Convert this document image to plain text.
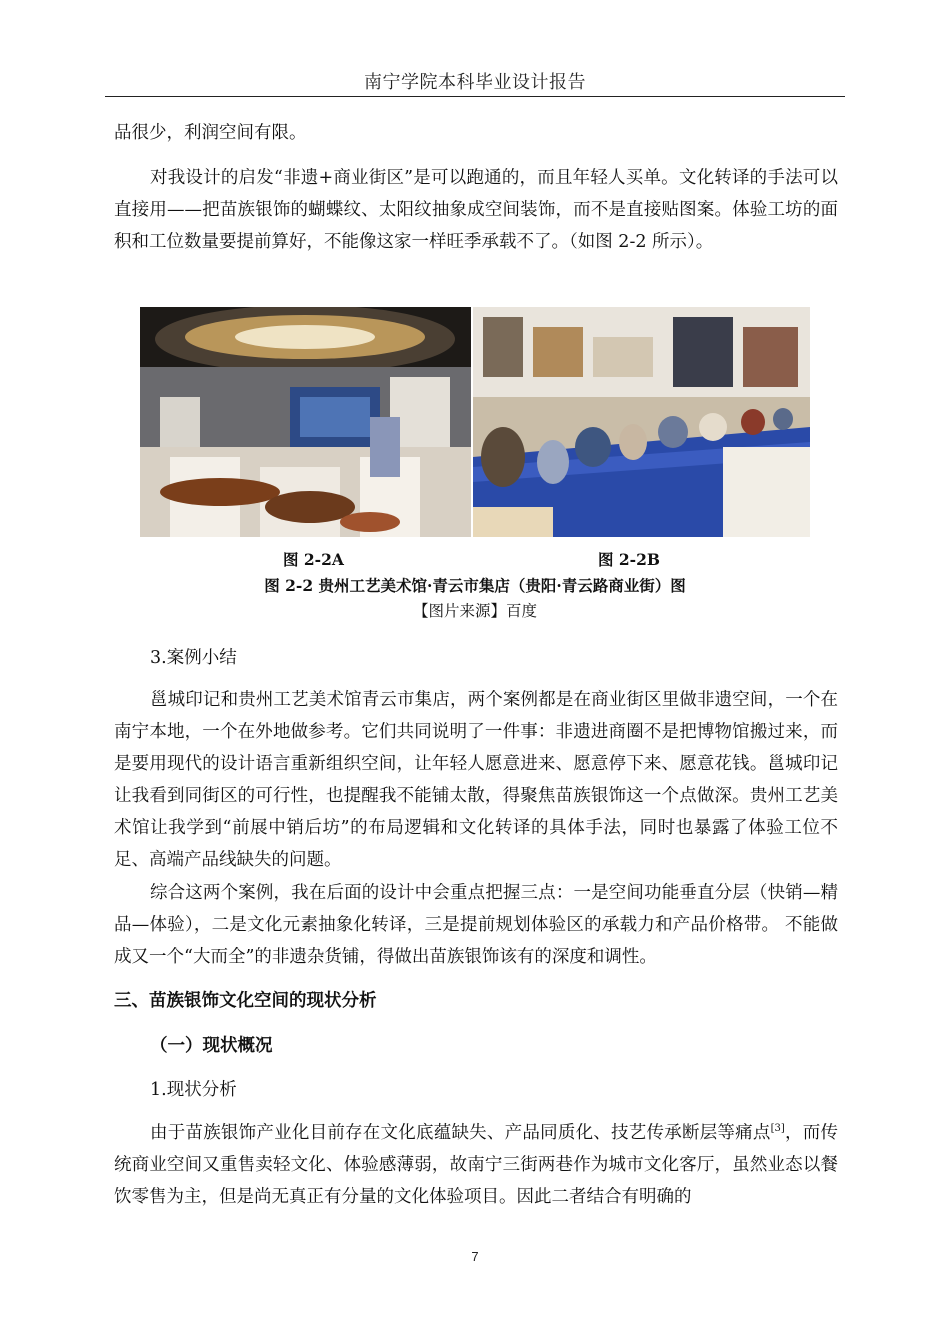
南宁学院本科毕业设计报告

品很少，利润空间有限。

对我设计的启发“非遗+商业街区”是可以跑通的，而且年轻人买单。文化转译的手法可以直接用——把苗族银饰的蝴蝶纹、太阳纹抽象成空间装饰，而不是直接贴图案。体验工坊的面积和工位数量要提前算好，不能像这家一样旺季承载不了。（如图 2-2 所示）。

图 2-2A	图 2-2B
图 2-2 贵州工艺美术馆·青云市集店（贵阳·青云路商业街）图
【图片来源】百度
3.案例小结

邕城印记和贵州工艺美术馆青云市集店，两个案例都是在商业街区里做非遗空间，一个在南宁本地，一个在外地做参考。它们共同说明了一件事：非遗进商圈不是把博物馆搬过来，而是要用现代的设计语言重新组织空间，让年轻人愿意进来、愿意停下来、愿意花钱。邕城印记让我看到同街区的可行性，也提醒我不能铺太散，得聚焦苗族银饰这一个点做深。贵州工艺美术馆让我学到“前展中销后坊”的布局逻辑和文化转译的具体手法，同时也暴露了体验工位不足、高端产品线缺失的问题。

综合这两个案例，我在后面的设计中会重点把握三点：一是空间功能垂直分层（快销—精品—体验），二是文化元素抽象化转译，三是提前规划体验区的承载力和产品价格带。 不能做成又一个“大而全”的非遗杂货铺，得做出苗族银饰该有的深度和调性。

三、苗族银饰文化空间的现状分析
（一）现状概况
1.现状分析

由于苗族银饰产业化目前存在文化底蕴缺失、产品同质化、技艺传承断层等痛点[3]，而传统商业空间又重售卖轻文化、体验感薄弱，故南宁三街两巷作为城市文化客厅，虽然业态以餐饮零售为主，但是尚无真正有分量的文化体验项目。因此二者结合有明确的

7
